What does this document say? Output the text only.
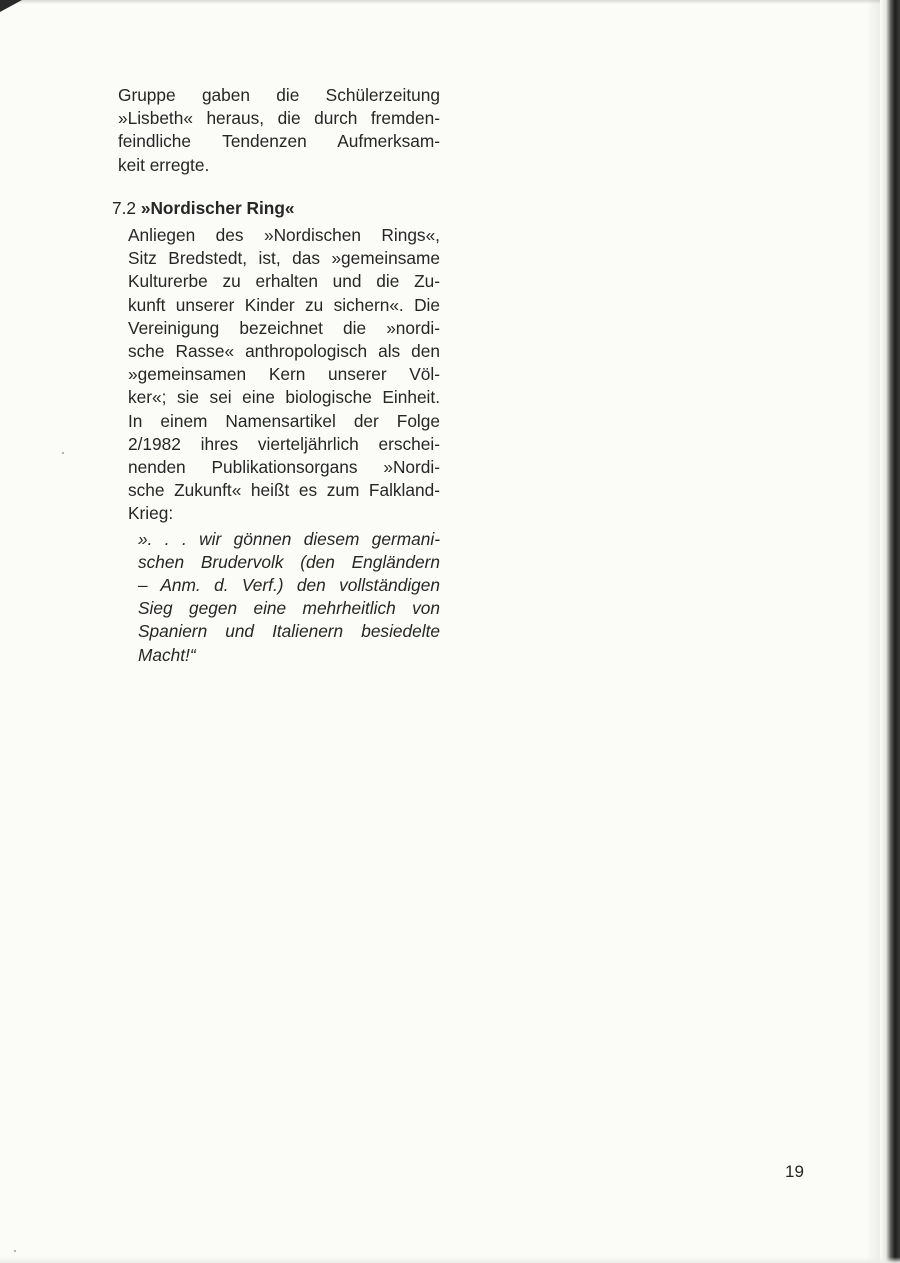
Gruppe gaben die Schülerzeitung
»Lisbeth« heraus, die durch fremden-
feindliche Tendenzen Aufmerksam-
keit erregte.

7.2 »Nordischer Ring«

Anliegen des »Nordischen Rings«,
Sitz Bredstedt, ist, das »gemeinsame
Kulturerbe zu erhalten und die Zu-
kunft unserer Kinder zu sichern«. Die
Vereinigung bezeichnet die »nordi-
sche Rasse« anthropologisch als den
»gemeinsamen Kern unserer Völ-
ker«; sie sei eine biologische Einheit.

In einem Namensartikel der Folge
2/1982 ihres vierteljährlich erschei-
nenden Publikationsorgans »Nordi-
sche Zukunft« heißt es zum Falkland-
Krieg:

». . . wir gönnen diesem germani-
schen Brudervolk (den Engländern
– Anm. d. Verf.) den vollständigen
Sieg gegen eine mehrheitlich von
Spaniern und Italienern besiedelte
Macht!“

19
